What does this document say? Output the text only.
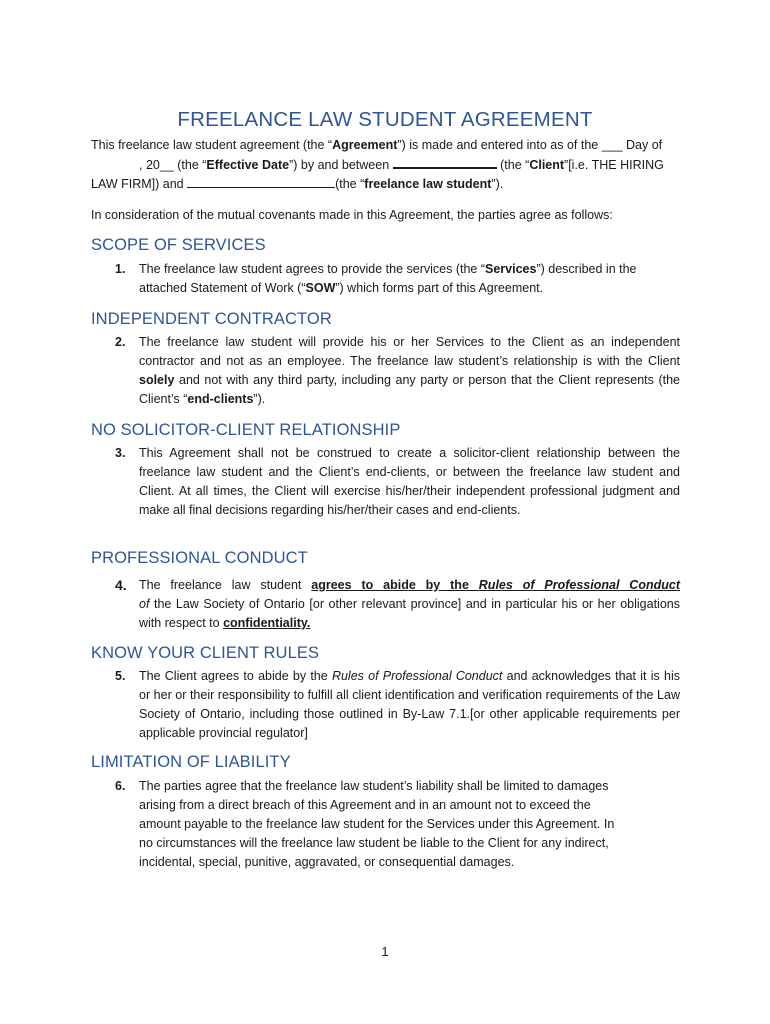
FREELANCE LAW STUDENT AGREEMENT
This freelance law student agreement (the “Agreement”) is made and entered into as of the ___ Day of, 20__ (the “Effective Date”) by and between	(the “Client”[i.e. THE HIRING LAW FIRM]) and	(the “freelance law student”).
In consideration of the mutual covenants made in this Agreement, the parties agree as follows:
SCOPE OF SERVICES
1. The freelance law student agrees to provide the services (the “Services”) described in the attached Statement of Work (“SOW”) which forms part of this Agreement.
INDEPENDENT CONTRACTOR
2. The freelance law student will provide his or her Services to the Client as an independent contractor and not as an employee. The freelance law student’s relationship is with the Client solely and not with any third party, including any party or person that the Client represents (the Client’s “end-clients”).
NO SOLICITOR-CLIENT RELATIONSHIP
3. This Agreement shall not be construed to create a solicitor-client relationship between the freelance law student and the Client’s end-clients, or between the freelance law student and Client. At all times, the Client will exercise his/her/their independent professional judgment and make all final decisions regarding his/her/their cases and end-clients.
PROFESSIONAL CONDUCT
4. The freelance law student agrees to abide by the Rules of Professional Conduct of the Law Society of Ontario [or other relevant province] and in particular his or her obligations with respect to confidentiality.
KNOW YOUR CLIENT RULES
5. The Client agrees to abide by the Rules of Professional Conduct and acknowledges that it is his or her or their responsibility to fulfill all client identification and verification requirements of the Law Society of Ontario, including those outlined in By-Law 7.1.[or other applicable requirements per applicable provincial regulator]
LIMITATION OF LIABILITY
6. The parties agree that the freelance law student’s liability shall be limited to damages
arising from a direct breach of this Agreement and in an amount not to exceed the
amount payable to the freelance law student for the Services under this Agreement. In
no circumstances will the freelance law student be liable to the Client for any indirect,
incidental, special, punitive, aggravated, or consequential damages.
1
